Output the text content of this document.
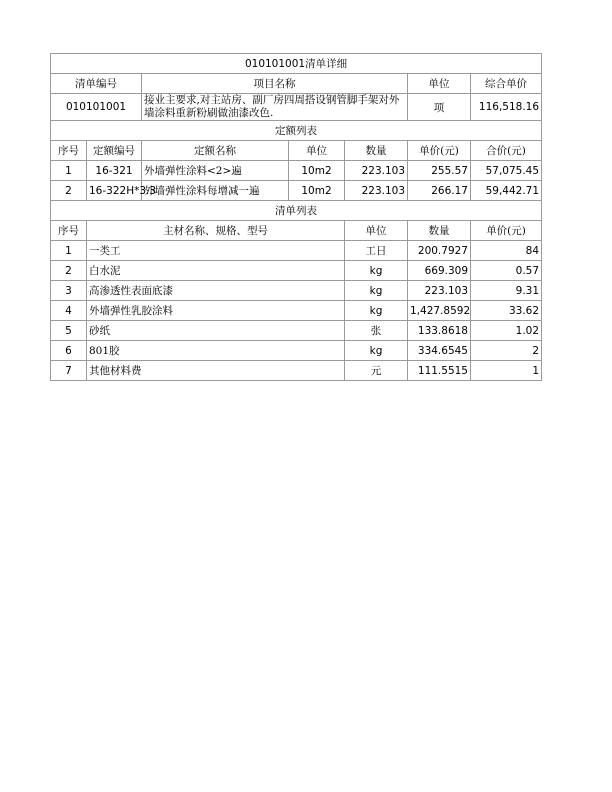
010101001清单详细							
清单编号		项目名称			单位	综合单价	
010101001		接业主要求,对主站房、副厂房四周搭设钢管脚手架对外墙涂料重新粉刷做油漆改色.			项	116,518.16	
定额列表							
序号	定额编号	定额名称	单位	数量	单价(元)	合价(元)	
1	16-321	外墙弹性涂料<2>遍	10m2	223.103	255.57	57,075.45	
2	16-322H*3.3	外墙弹性涂料每增减一遍	10m2	223.103	266.17	59,442.71	
清单列表							
序号	主材名称、规格、型号			单位	数量	单价(元)	
1	一类工			工日	200.7927	84	
2	白水泥			kg	669.309	0.57	
3	高渗透性表面底漆			kg	223.103	9.31	
4	外墙弹性乳胶涂料			kg	1,427.8592	33.62	
5	砂纸			张	133.8618	1.02	
6	801胶			kg	334.6545	2	
7	其他材料费			元	111.5515	1	
